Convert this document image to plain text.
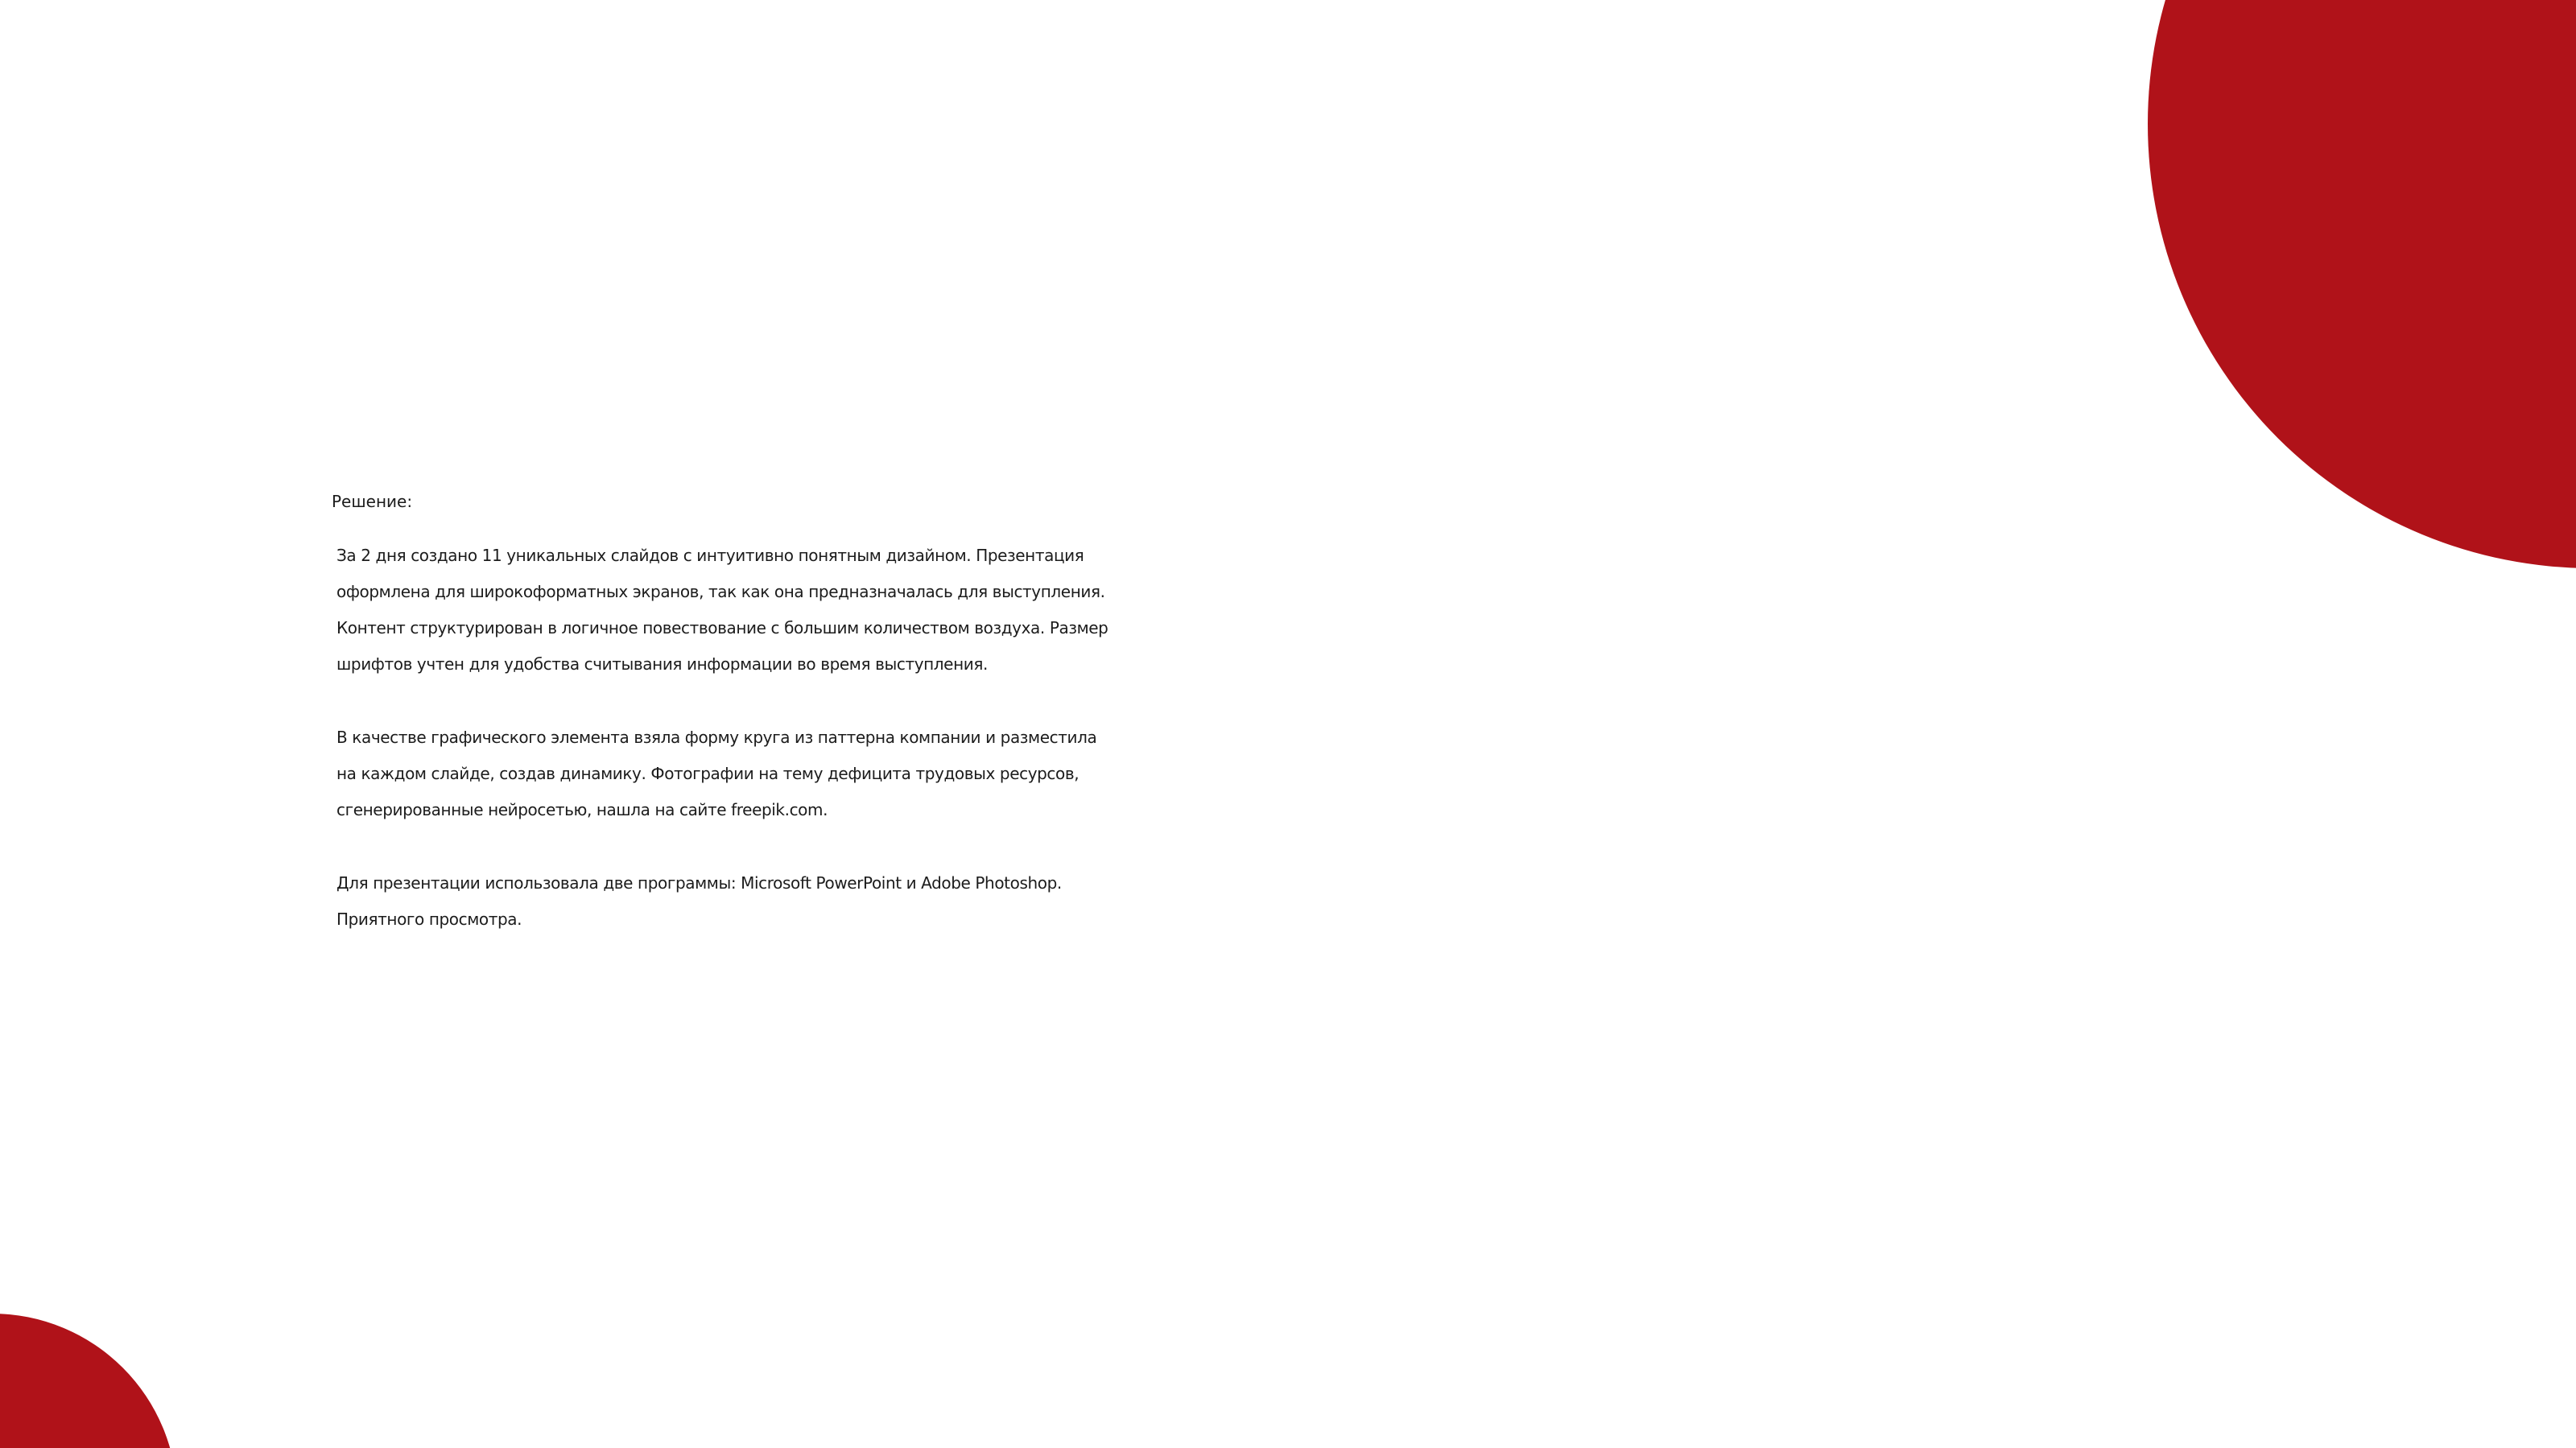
Решение:
За 2 дня создано 11 уникальных слайдов с интуитивно понятным дизайном. Презентация
оформлена для широкоформатных экранов, так как она предназначалась для выступления.
Контент структурирован в логичное повествование с большим количеством воздуха. Размер
шрифтов учтен для удобства считывания информации во время выступления.
В качестве графического элемента взяла форму круга из паттерна компании и разместила
на каждом слайде, создав динамику. Фотографии на тему дефицита трудовых ресурсов,
сгенерированные нейросетью, нашла на сайте freepik.com.
Для презентации использовала две программы: Microsoft PowerPoint и Adobe Photoshop.
Приятного просмотра.
